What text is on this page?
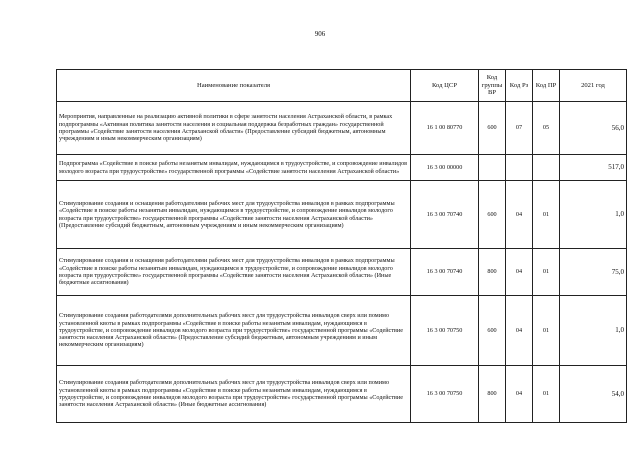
906
Наименование показателя	Код ЦСР	Код группы ВР	Код Рз	Код ПР	2021 год
Мероприятия, направленные на реализацию активной политики в сфере занятости населения Астраханской области, в рамках подпрограммы «Активная политика занятости населения и социальная поддержка безработных граждан» государственной программы «Содействие занятости населения Астраханской области» (Предоставление субсидий бюджетным, автономным учреждениям и иным некоммерческим организациям)	16 1 00 80770	600	07	05	56,0
Подпрограмма «Содействие в поиске работы незанятым инвалидам, нуждающимся в трудоустройстве, и сопровождение инвалидов молодого возраста при трудоустройстве» государственной программы «Содействие занятости населения Астраханской области»	16 3 00 00000				517,0
Стимулирование создания и оснащения работодателями рабочих мест для трудоустройства инвалидов в рамках подпрограммы «Содействие в поиске работы незанятым инвалидам, нуждающимся в трудоустройстве, и сопровождение инвалидов молодого возраста при трудоустройстве» государственной программы «Содействие занятости населения Астраханской области» (Предоставление субсидий бюджетным, автономным учреждениям и иным некоммерческим организациям)	16 3 00 70740	600	04	01	1,0
Стимулирование создания и оснащения работодателями рабочих мест для трудоустройства инвалидов в рамках подпрограммы «Содействие в поиске работы незанятым инвалидам, нуждающимся в трудоустройстве, и сопровождение инвалидов молодого возраста при трудоустройстве» государственной программы «Содействие занятости населения Астраханской области» (Иные бюджетные ассигнования)	16 3 00 70740	800	04	01	75,0
Стимулирование создания работодателями дополнительных рабочих мест для трудоустройства инвалидов сверх или помимо установленной квоты в рамках подпрограммы «Содействие в поиске работы незанятым инвалидам, нуждающимся в трудоустройстве, и сопровождение инвалидов молодого возраста при трудоустройстве» государственной программы «Содействие занятости населения Астраханской области» (Предоставление субсидий бюджетным, автономным учреждениям и иным некоммерческим организациям)	16 3 00 70750	600	04	01	1,0
Стимулирование создания работодателями дополнительных рабочих мест для трудоустройства инвалидов сверх или помимо установленной квоты в рамках подпрограммы «Содействие в поиске работы незанятым инвалидам, нуждающимся в трудоустройстве, и сопровождение инвалидов молодого возраста при трудоустройстве» государственной программы «Содействие занятости населения Астраханской области» (Иные бюджетные ассигнования)	16 3 00 70750	800	04	01	54,0
